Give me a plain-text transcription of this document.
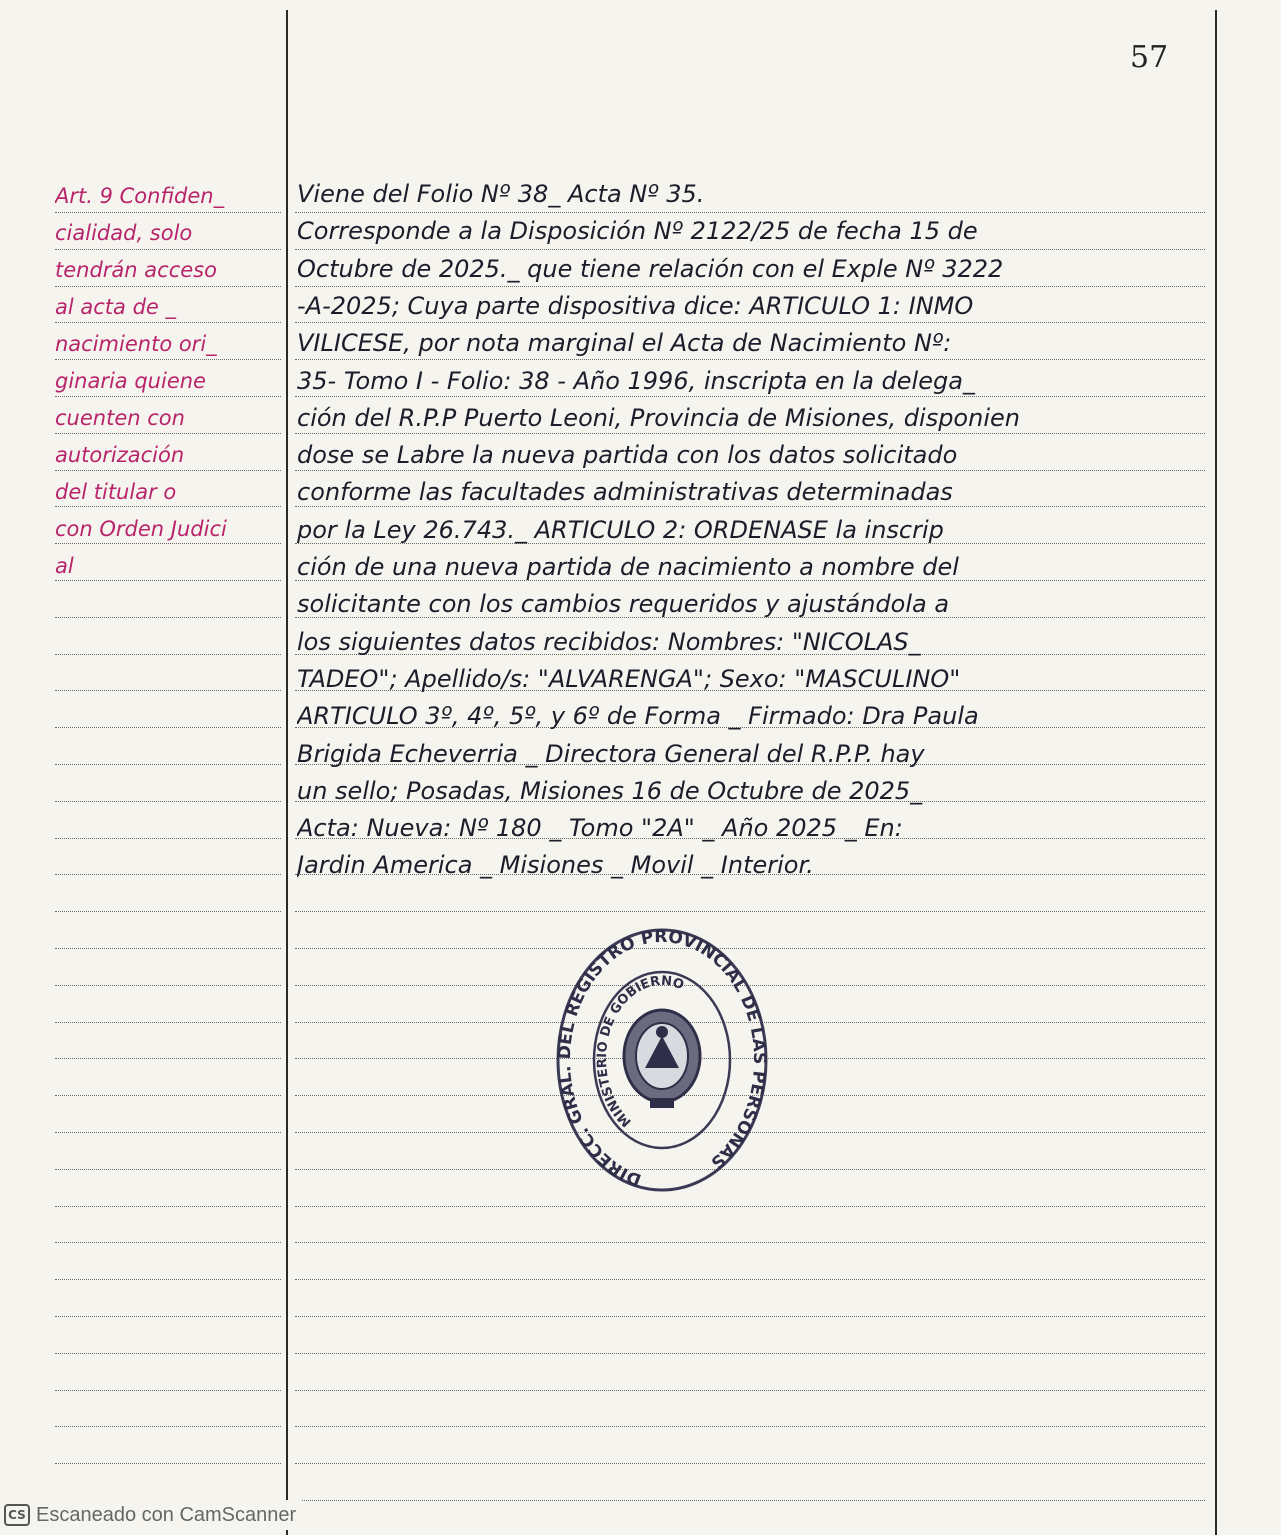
57
Art. 9 Confiden_
cialidad, solo
tendrán acceso
al acta de _
nacimiento ori_
ginaria quiene
cuenten con
autorización
del titular o
con Orden Judici
al
Viene del Folio Nº 38_ Acta Nº 35.
Corresponde a la Disposición Nº 2122/25 de fecha 15 de
Octubre de 2025._ que tiene relación con el Exple Nº 3222
-A-2025; Cuya parte dispositiva dice: ARTICULO 1: INMO
VILICESE, por nota marginal el Acta de Nacimiento Nº:
35- Tomo I - Folio: 38 - Año 1996, inscripta en la delega_
ción del R.P.P Puerto Leoni, Provincia de Misiones, disponien
dose se Labre la nueva partida con los datos solicitado
conforme las facultades administrativas determinadas
por la Ley 26.743._ ARTICULO 2: ORDENASE la inscrip
ción de una nueva partida de nacimiento a nombre del
solicitante con los cambios requeridos y ajustándola a
los siguientes datos recibidos: Nombres: "NICOLAS_
TADEO"; Apellido/s: "ALVARENGA"; Sexo: "MASCULINO"
ARTICULO 3º, 4º, 5º, y 6º de Forma _ Firmado: Dra Paula
Brigida Echeverria _ Directora General del R.P.P. hay
un sello; Posadas, Misiones 16 de Octubre de 2025_
Acta: Nueva: Nº 180 _ Tomo "2A" _ Año 2025 _ En:
Jardin America _ Misiones _ Movil _ Interior.
DIRECC. GRAL. DEL REGISTRO PROVINCIAL DE LAS PERSONAS
MINISTERIO DE GOBIERNO
CS Escaneado con CamScanner
